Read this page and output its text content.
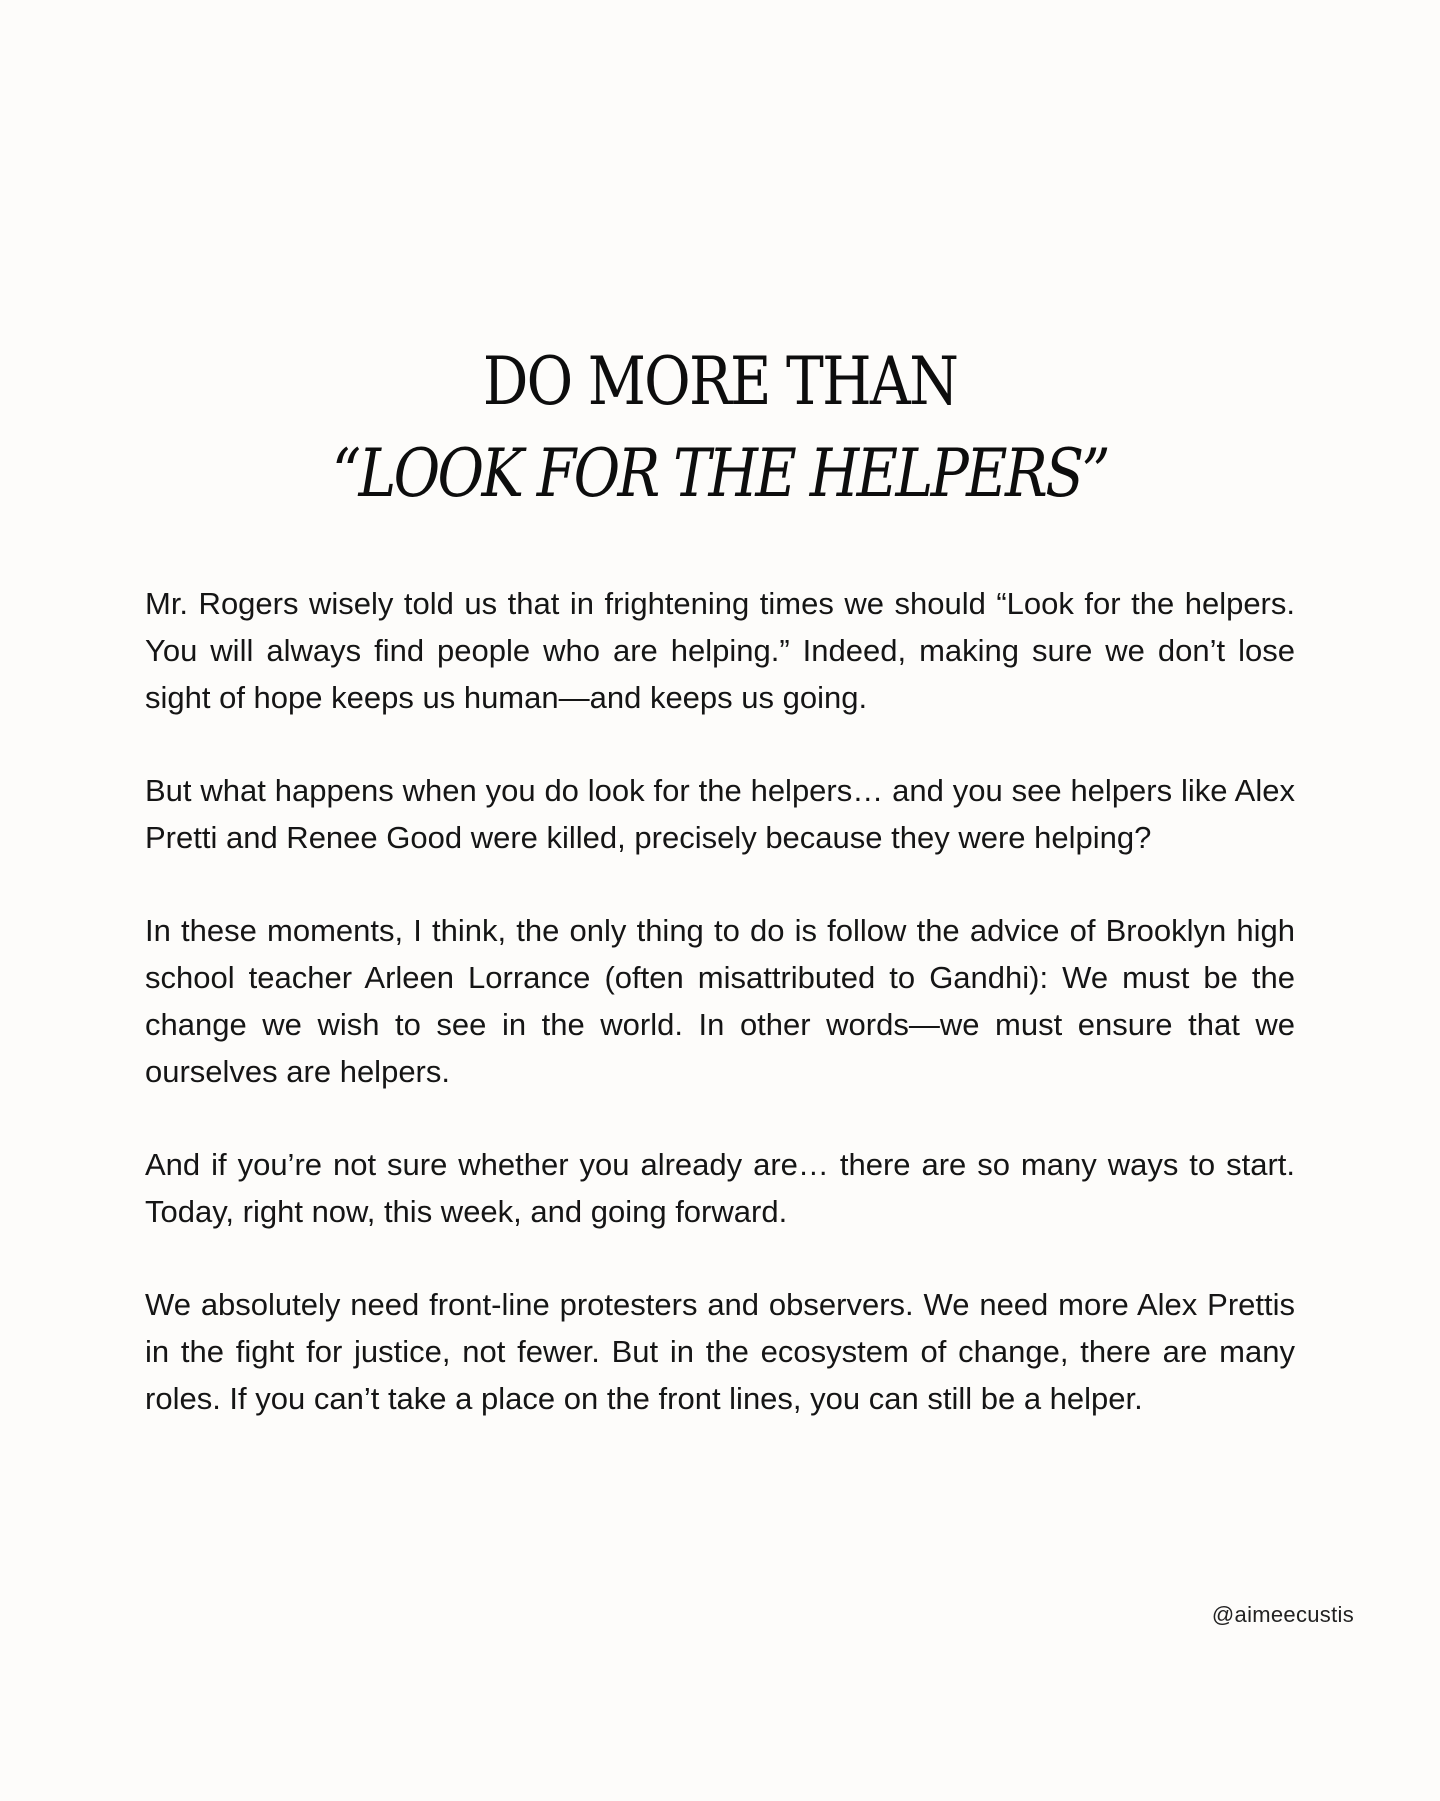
DO MORE THAN
“LOOK FOR THE HELPERS”

Mr. Rogers wisely told us that in frightening times we should “Look for the helpers. You will always find people who are helping.” Indeed, making sure we don’t lose sight of hope keeps us human—and keeps us going.

But what happens when you do look for the helpers… and you see helpers like Alex Pretti and Renee Good were killed, precisely because they were helping?

In these moments, I think, the only thing to do is follow the advice of Brooklyn high school teacher Arleen Lorrance (often misattributed to Gandhi): We must be the change we wish to see in the world. In other words—we must ensure that we ourselves are helpers.

And if you’re not sure whether you already are… there are so many ways to start. Today, right now, this week, and going forward.

We absolutely need front-line protesters and observers. We need more Alex Prettis in the fight for justice, not fewer. But in the ecosystem of change, there are many roles. If you can’t take a place on the front lines, you can still be a helper.

@aimeecustis
